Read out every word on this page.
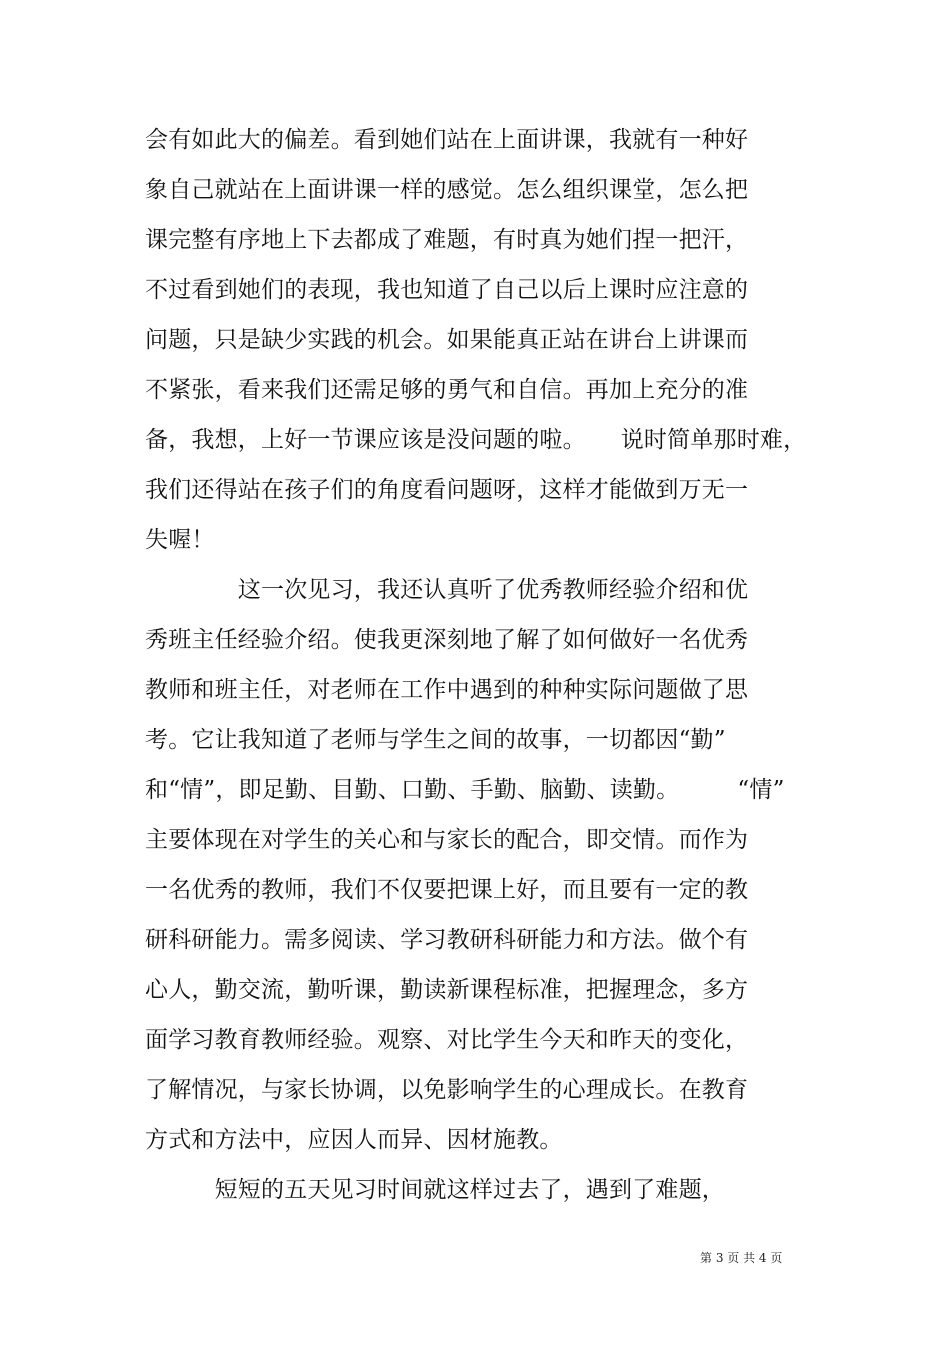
会有如此大的偏差。看到她们站在上面讲课，我就有一种好
象自己就站在上面讲课一样的感觉。怎么组织课堂，怎么把
课完整有序地上下去都成了难题，有时真为她们捏一把汗，
不过看到她们的表现，我也知道了自己以后上课时应注意的
问题，只是缺少实践的机会。如果能真正站在讲台上讲课而
不紧张，看来我们还需足够的勇气和自信。再加上充分的准
备，我想，上好一节课应该是没问题的啦。　　说时简单那时难，
我们还得站在孩子们的角度看问题呀，这样才能做到万无一
失喔！
　　　　这一次见习，我还认真听了优秀教师经验介绍和优
秀班主任经验介绍。使我更深刻地了解了如何做好一名优秀
教师和班主任，对老师在工作中遇到的种种实际问题做了思
考。它让我知道了老师与学生之间的故事，一切都因“勤”
和“情”，即足勤、目勤、口勤、手勤、脑勤、读勤。　　　“情”
主要体现在对学生的关心和与家长的配合，即交情。而作为
一名优秀的教师，我们不仅要把课上好，而且要有一定的教
研科研能力。需多阅读、学习教研科研能力和方法。做个有
心人，勤交流，勤听课，勤读新课程标准，把握理念，多方
面学习教育教师经验。观察、对比学生今天和昨天的变化，
了解情况，与家长协调，以免影响学生的心理成长。在教育
方式和方法中，应因人而异、因材施教。
　　　短短的五天见习时间就这样过去了，遇到了难题，
第 3 页 共 4 页
